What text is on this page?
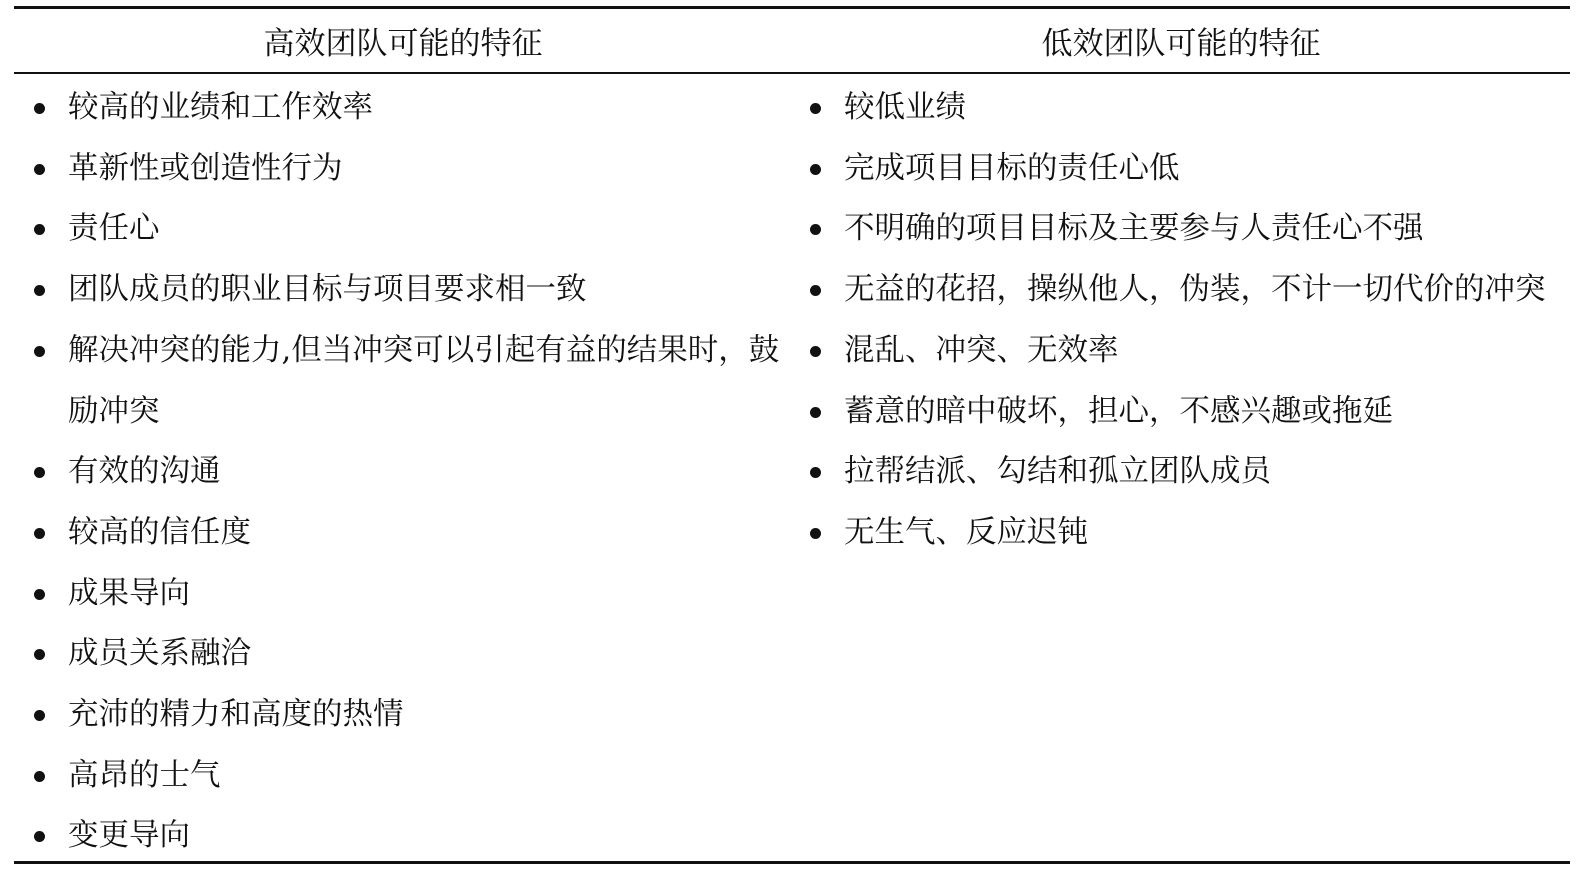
高效团队可能的特征	低效团队可能的特征
较高的业绩和工作效率
革新性或创造性行为
责任心
团队成员的职业目标与项目要求相一致
解决冲突的能力,但当冲突可以引起有益的结果时，鼓励冲突
有效的沟通
较高的信任度
成果导向
成员关系融洽
充沛的精力和高度的热情
高昂的士气
变更导向
较低业绩
完成项目目标的责任心低
不明确的项目目标及主要参与人责任心不强
无益的花招，操纵他人，伪装，不计一切代价的冲突
混乱、冲突、无效率
蓄意的暗中破坏，担心，不感兴趣或拖延
拉帮结派、勾结和孤立团队成员
无生气、反应迟钝
